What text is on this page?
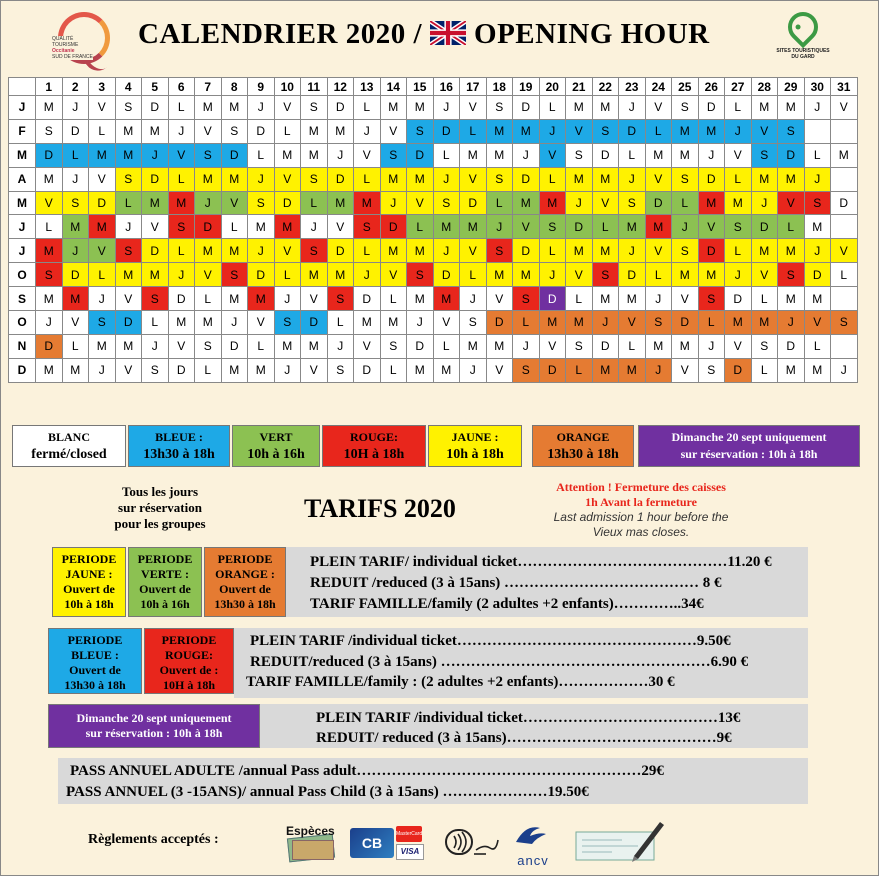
QUALITÉ
TOURISME
Occitanie
SUD DE FRANCE
CALENDRIER 2020 / OPENING HOUR
SITES TOURISTIQUES
DU GARD
	1	2	3	4	5	6	7	8	9	10	11	12	13	14	15	16	17	18	19	20	21	22	23	24	25	26	27	28	29	30	31
J	M	J	V	S	D	L	M	M	J	V	S	D	L	M	M	J	V	S	D	L	M	M	J	V	S	D	L	M	M	J	V
F	S	D	L	M	M	J	V	S	D	L	M	M	J	V	S	D	L	M	M	J	V	S	D	L	M	M	J	V	S		
M	D	L	M	M	J	V	S	D	L	M	M	J	V	S	D	L	M	M	J	V	S	D	L	M	M	J	V	S	D	L	M
A	M	J	V	S	D	L	M	M	J	V	S	D	L	M	M	J	V	S	D	L	M	M	J	V	S	D	L	M	M	J	
M	V	S	D	L	M	M	J	V	S	D	L	M	M	J	V	S	D	L	M	M	J	V	S	D	L	M	M	J	V	S	D
J	L	M	M	J	V	S	D	L	M	M	J	V	S	D	L	M	M	J	V	S	D	L	M	M	J	V	S	D	L	M	
J	M	J	V	S	D	L	M	M	J	V	S	D	L	M	M	J	V	S	D	L	M	M	J	V	S	D	L	M	M	J	V
O	S	D	L	M	M	J	V	S	D	L	M	M	J	V	S	D	L	M	M	J	V	S	D	L	M	M	J	V	S	D	L
S	M	M	J	V	S	D	L	M	M	J	V	S	D	L	M	M	J	V	S	D	L	M	M	J	V	S	D	L	M	M	
O	J	V	S	D	L	M	M	J	V	S	D	L	M	M	J	V	S	D	L	M	M	J	V	S	D	L	M	M	J	V	S
N	D	L	M	M	J	V	S	D	L	M	M	J	V	S	D	L	M	M	J	V	S	D	L	M	M	J	V	S	D	L	
D	M	M	J	V	S	D	L	M	M	J	V	S	D	L	M	M	J	V	S	D	L	M	M	J	V	S	D	L	M	M	J
BLANC
fermé/closed
BLEUE :
13h30 à 18h
VERT
10h à 16h
ROUGE:
10H à 18h
JAUNE :
10h à 18h
ORANGE
13h30 à 18h
Dimanche 20 sept uniquement
sur réservation : 10h à 18h
Tous les jours
sur réservation
pour les groupes
TARIFS 2020
Attention ! Fermeture des caisses
1h Avant la fermeture
Last admission 1 hour before the
Vieux mas closes.
PERIODE
JAUNE :
Ouvert de
10h à 18h
PERIODE
VERTE :
Ouvert de
10h à 16h
PERIODE
ORANGE :
Ouvert de
13h30 à 18h
PLEIN TARIF/ individual ticket……………………………………11.20 €
REDUIT /reduced (3 à 15ans) ………………………………… 8 €
TARIF FAMILLE/family (2 adultes +2 enfants)…………..34€
PERIODE
BLEUE :
Ouvert de
13h30 à 18h
PERIODE
ROUGE:
Ouvert de :
10H à 18h
PLEIN TARIF /individual ticket…………………………………………9.50€
REDUIT/reduced (3 à 15ans) ………………………………………………6.90 €
TARIF FAMILLE/family : (2 adultes +2 enfants)………………30 €
Dimanche 20 sept uniquement
sur réservation : 10h à 18h
PLEIN TARIF /individual ticket…………………………………13€
REDUIT/ reduced (3 à 15ans)……………………………………9€
PASS ANNUEL ADULTE /annual Pass adult…………………………………………………29€
PASS ANNUEL (3 -15ANS)/ annual Pass Child (3 à 15ans) …………………19.50€
Règlements acceptés :
Espèces
CB
MasterCard
VISA
ancv
